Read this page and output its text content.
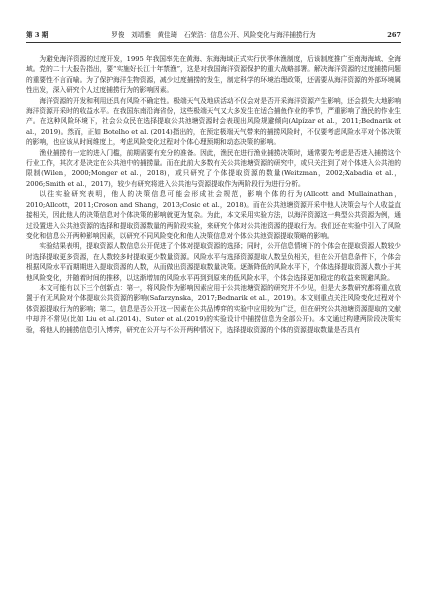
第 3 期	罗俊　刘靖雅　黄佳琦　石荣浩：信息公开、风险变化与海洋捕捞行为	267

为避免海洋资源的过度开发，1995 年我国率先在黄海、东海海域正式实行伏季休渔制度，后该制度推广至南海海域、全海域。党的二十大报告指出，要“实施好长江十年禁渔”，这是对我国海洋资源保护的重大战略部署。解决海洋资源的过度捕捞问题的重要性不言而喻。为了保护海洋生物资源，减少过度捕捞的发生，制定科学的环境治理政策，还需要从海洋资源的外部环境属性出发，深入研究个人过度捕捞行为的影响因素。

海洋资源的开发和利用还具有风险不确定性。极端天气及地质活动不仅会对是否开采海洋资源产生影响，还会损失大地影响海洋资源开采时的收益水平。在我国东南沿海省份，这些极端天气又大多发生在适合捕鱼作业的季节，严重影响了渔民的作业生产。在这种风险环境下，社会公众民在选择提取公共池塘资源时会表现出风险规避倾向(Alpízar et al.，2011;Bednarik et al.，2019)。然而，正如 Botelho et al. (2014)指出的，在预定极端天气带来的捕捞风险时，不仅要考虑风险水平对个体决策的影响，也应该从时间维度上，考虑风险变化过程对个体心理预期和动态决策的影响。

渔业捕捞有一定的进入门槛，前期需要有充分的准备。因此，渔民在进行渔业捕捞决策时，通常要先考虑是否进入捕捞这个行业工作，其次才是决定在公共池中的捕捞量。而在此前大多数有关公共池塘资源的研究中，或只关注到了对个体进入公共池的限制(Wilen，2000;Monger et al.，2018)，或只研究了个体提取资源的数量(Weitzman，2002;Xabadia et al.，2006;Smith et al.，2017)，较少有研究将进入公共池与资源提取作为两阶段行为进行分析。

以往实验研究表明，他人的决策信息可能会形成社会规范，影响个体的行为(Allcott and Mullainathan，2010;Allcott，2011;Croson and Shang，2013;Cosic et al.，2018)。而在公共池塘资源开采中他人决策会与个人收益直接相关，因此他人的决策信息对个体决策的影响就更为复杂。为此，本文采用实验方法，以海洋资源这一典型公共资源为例，通过设置进入公共池资源的选择和提取资源数量的两阶段实验，来研究个体对公共池资源的提取行为。我们还在实验中引入了风险变化和信息公开两种影响因素，以研究不同风险变化和他人决策信息对个体公共池资源提取策略的影响。

实验结果表明，提取资源人数信息公开促进了个体对提取资源的选择；同时，公开信息情境下的个体会在提取资源人数较少时选择提取更多资源，在人数较多时提取更少数量资源。风险水平与选择资源提取人数呈负相关，但在公开信息条件下，个体会根据风险水平而期期进入提取资源的人数，从而做出资源提取数量决策。逐渐降低的风险水平下，个体选择提取资源人数小于其他风险变化，并随着时间的推移，以这渐增加的风险水平再到到原来的低风险水平，个体会选择更加稳定的收益来规避风险。

本文可能有以下三个创新点：第一，将风险作为影响因素应用于公共池塘资源的研究并不少见，但是大多数研究都将重点放置于有无风险对个体提取公共资源的影响(Safarzynska，2017;Bednarik et al.，2019)。本文则重点关注风险变化过程对个体资源提取行为的影响；第二，信息是否公开这一因素在公共品博弈的实验中应用较为广泛，但在研究公共池塘资源提取的文献中却并不常见(比如 Liu et al.(2014)、Suter et al.(2019)的实验设计中捕捞信息为全部公开)。本文通过构建两阶段决策实验，将他人的捕捞信息引入博弈，研究在公开与不公开两种情况下，选择提取资源的个体的资源提取数量是否具有
